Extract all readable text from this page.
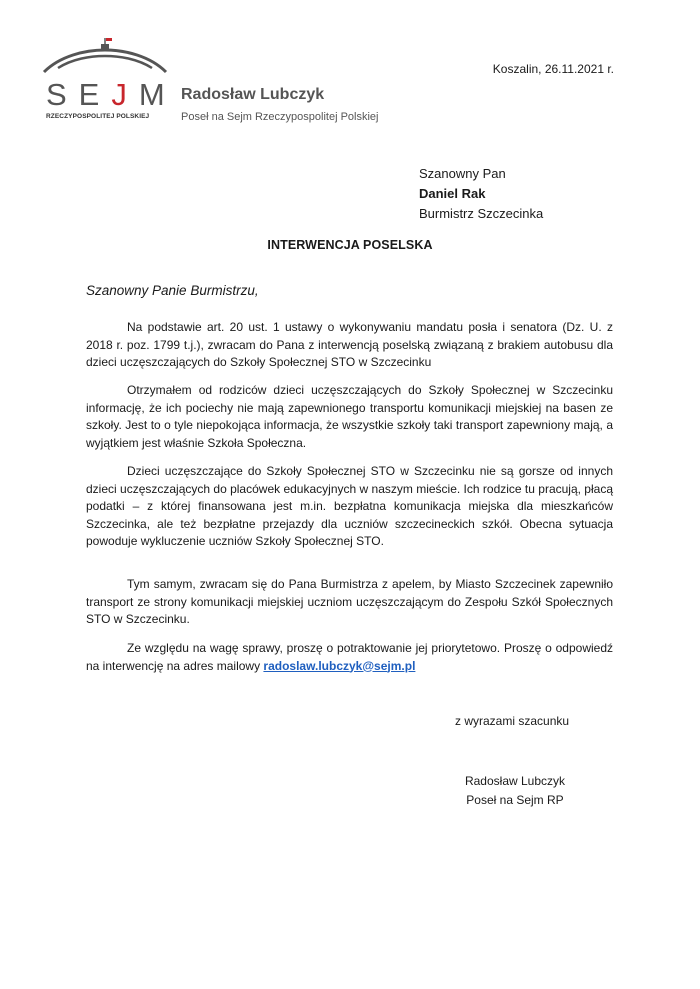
SEJM
RZECZYPOSPOLITEJ POLSKIEJ
Radosław Lubczyk
Poseł na Sejm Rzeczypospolitej Polskiej
Koszalin, 26.11.2021 r.
Szanowny Pan
Daniel Rak
Burmistrz Szczecinka
INTERWENCJA POSELSKA
Szanowny Panie Burmistrzu,

Na podstawie art. 20 ust. 1 ustawy o wykonywaniu mandatu posła i senatora (Dz. U. z 2018 r. poz. 1799 t.j.), zwracam do Pana z interwencją poselską związaną z brakiem autobusu dla dzieci uczęszczających do Szkoły Społecznej STO w Szczecinku

Otrzymałem od rodziców dzieci uczęszczających do Szkoły Społecznej w Szczecinku informację, że ich pociechy nie mają zapewnionego transportu komunikacji miejskiej na basen ze szkoły. Jest to o tyle niepokojąca informacja, że wszystkie szkoły taki transport zapewniony mają, a wyjątkiem jest właśnie Szkoła Społeczna.

Dzieci uczęszczające do Szkoły Społecznej STO w Szczecinku nie są gorsze od innych dzieci uczęszczających do placówek edukacyjnych w naszym mieście. Ich rodzice tu pracują, płacą podatki – z której finansowana jest m.in. bezpłatna komunikacja miejska dla mieszkańców Szczecinka, ale też bezpłatne przejazdy dla uczniów szczecineckich szkół. Obecna sytuacja powoduje wykluczenie uczniów Szkoły Społecznej STO.

Tym samym, zwracam się do Pana Burmistrza z apelem, by Miasto Szczecinek zapewniło transport ze strony komunikacji miejskiej uczniom uczęszczającym do Zespołu Szkół Społecznych STO w Szczecinku.

Ze względu na wagę sprawy, proszę o potraktowanie jej priorytetowo. Proszę o odpowiedź na interwencję na adres mailowy radoslaw.lubczyk@sejm.pl

z wyrazami szacunku
Radosław Lubczyk
Poseł na Sejm RP
